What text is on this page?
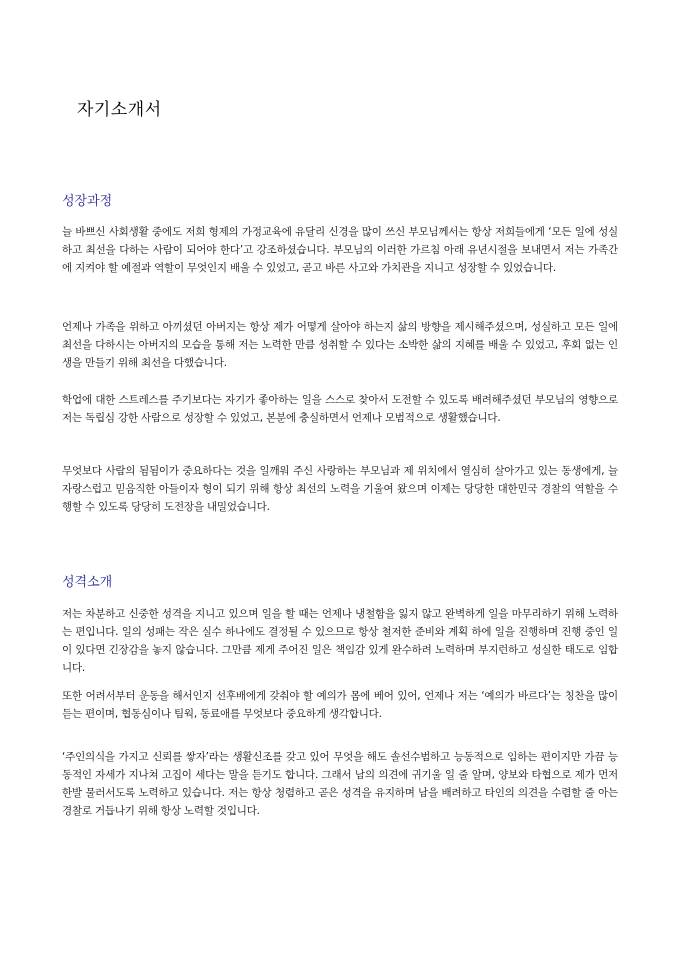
자기소개서
성장과정

늘 바쁘신 사회생활 중에도 저희 형제의 가정교육에 유달리 신경을 많이 쓰신 부모님께서는 항상 저희들에게 ‘모든 일에 성실하고 최선을 다하는 사람이 되어야 한다’고 강조하셨습니다. 부모님의 이러한 가르침 아래 유년시절을 보내면서 저는 가족간에 지켜야 할 예절과 역할이 무엇인지 배울 수 있었고, 곧고 바른 사고와 가치관을 지니고 성장할 수 있었습니다.

언제나 가족을 위하고 아끼셨던 아버지는 항상 제가 어떻게 살아야 하는지 삶의 방향을 제시해주셨으며, 성실하고 모든 일에 최선을 다하시는 아버지의 모습을 통해 저는 노력한 만큼 성취할 수 있다는 소박한 삶의 지혜를 배울 수 있었고, 후회 없는 인생을 만들기 위해 최선을 다했습니다.

학업에 대한 스트레스를 주기보다는 자기가 좋아하는 일을 스스로 찾아서 도전할 수 있도록 배려해주셨던 부모님의 영향으로 저는 독립심 강한 사람으로 성장할 수 있었고, 본분에 충실하면서 언제나 모범적으로 생활했습니다.

무엇보다 사람의 됨됨이가 중요하다는 것을 일깨워 주신 사랑하는 부모님과 제 위치에서 열심히 살아가고 있는 동생에게, 늘 자랑스럽고 믿음직한 아들이자 형이 되기 위해 항상 최선의 노력을 기울여 왔으며 이제는 당당한 대한민국 경찰의 역할을 수행할 수 있도록 당당히 도전장을 내밀었습니다.

성격소개

저는 차분하고 신중한 성격을 지니고 있으며 일을 할 때는 언제나 냉철함을 잃지 않고 완벽하게 일을 마무리하기 위해 노력하는 편입니다. 일의 성패는 작은 실수 하나에도 결정될 수 있으므로 항상 철저한 준비와 계획 하에 일을 진행하며 진행 중인 일이 있다면 긴장감을 놓지 않습니다. 그만큼 제게 주어진 일은 책임감 있게 완수하려 노력하며 부지런하고 성실한 태도로 임합니다.

또한 어려서부터 운동을 해서인지 선후배에게 갖춰야 할 예의가 몸에 베어 있어, 언제나 저는 ‘예의가 바르다’는 칭찬을 많이 듣는 편이며, 협동심이나 팀웍, 동료애를 무엇보다 중요하게 생각합니다.

‘주인의식을 가지고 신뢰를 쌓자’라는 생활신조를 갖고 있어 무엇을 해도 솔선수범하고 능동적으로 임하는 편이지만 가끔 능동적인 자세가 지나쳐 고집이 세다는 말을 듣기도 합니다. 그래서 남의 의견에 귀기울 일 줄 알며, 양보와 타협으로 제가 먼저 한발 물러서도록 노력하고 있습니다. 저는 항상 청렴하고 곧은 성격을 유지하며 남을 배려하고 타인의 의견을 수렴할 줄 아는 경찰로 거듭나기 위해 항상 노력할 것입니다.
